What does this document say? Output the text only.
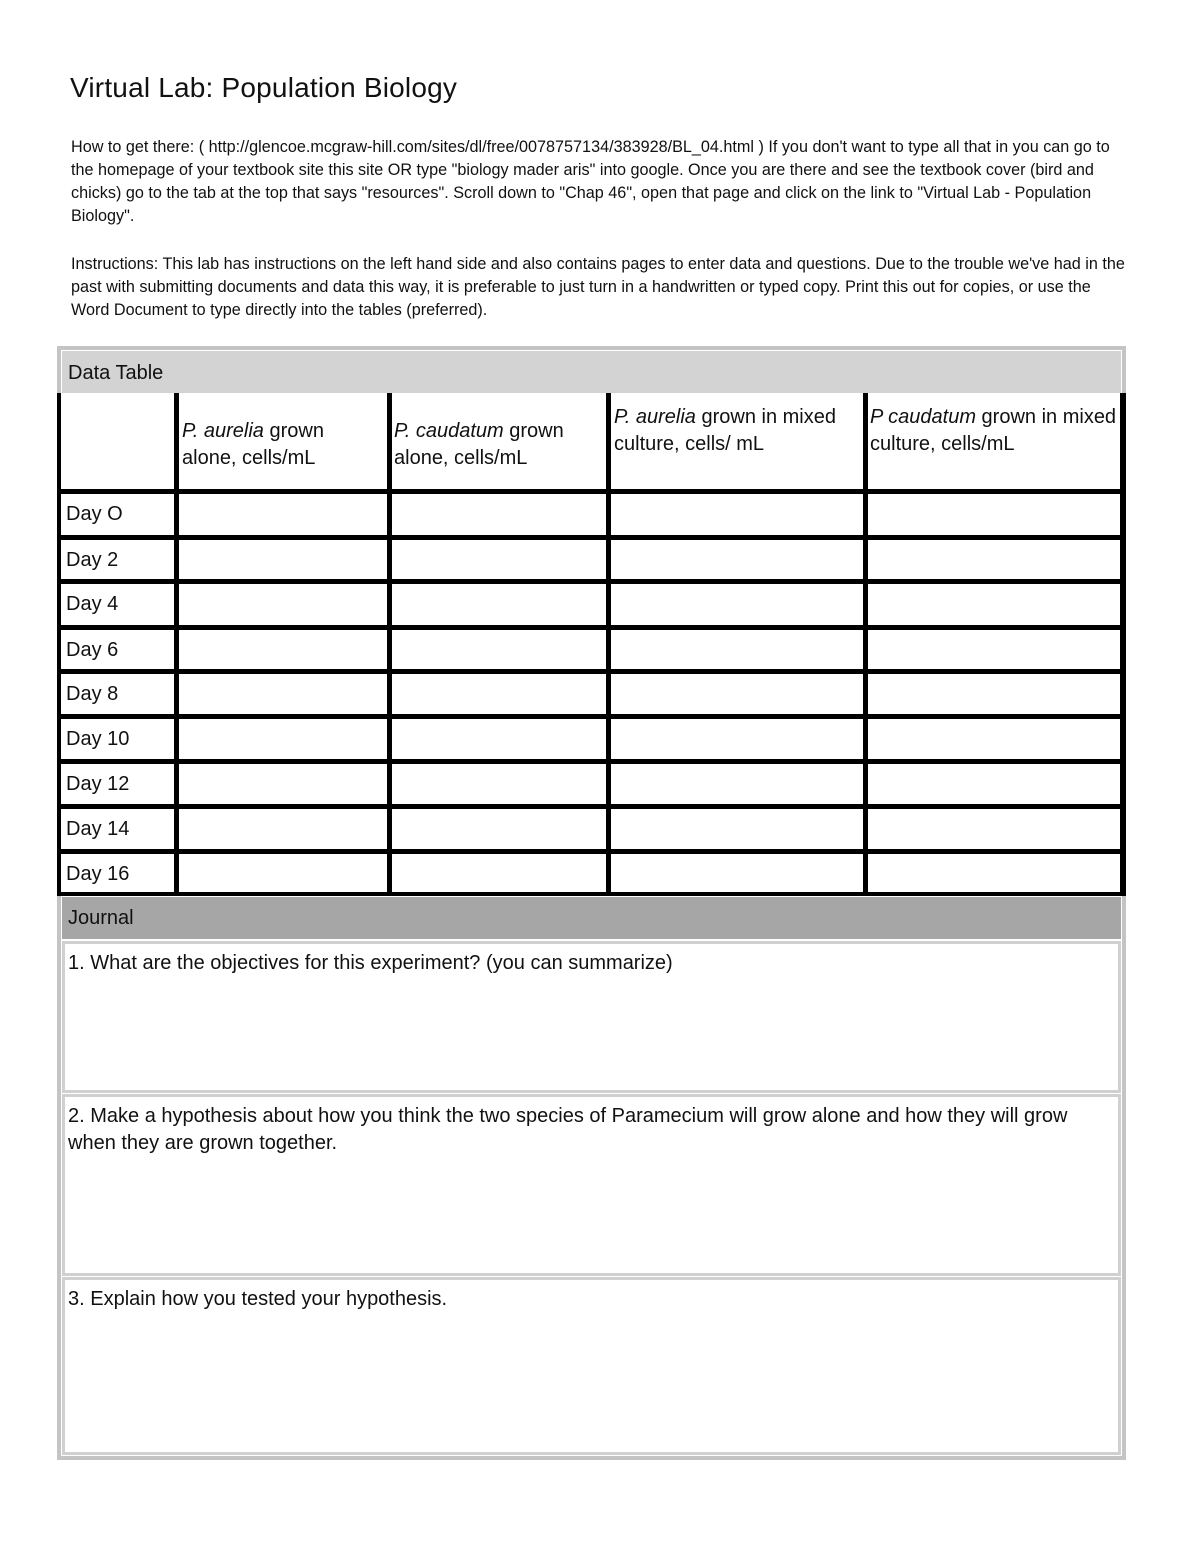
Virtual Lab: Population Biology
How to get there: ( http://glencoe.mcgraw-hill.com/sites/dl/free/0078757134/383928/BL_04.html ) If you don't want to type all that in you can go to the homepage of your textbook site this site OR type "biology mader aris" into google. Once you are there and see the textbook cover (bird and chicks) go to the tab at the top that says "resources". Scroll down to "Chap 46", open that page and click on the link to "Virtual Lab - Population Biology".
Instructions: This lab has instructions on the left hand side and also contains pages to enter data and questions. Due to the trouble we've had in the past with submitting documents and data this way, it is preferable to just turn in a handwritten or typed copy. Print this out for copies, or use the Word Document to type directly into the tables (preferred).
Data Table
P. aurelia grown alone, cells/mL
P. caudatum grown alone, cells/mL
P. aurelia grown in mixed culture, cells/ mL
P caudatum grown in mixed culture, cells/mL
Day O
Day 2
Day 4
Day 6
Day 8
Day 10
Day 12
Day 14
Day 16
Journal
1. What are the objectives for this experiment? (you can summarize)
2. Make a hypothesis about how you think the two species of Paramecium will grow alone and how they will grow when they are grown together.
3. Explain how you tested your hypothesis.
